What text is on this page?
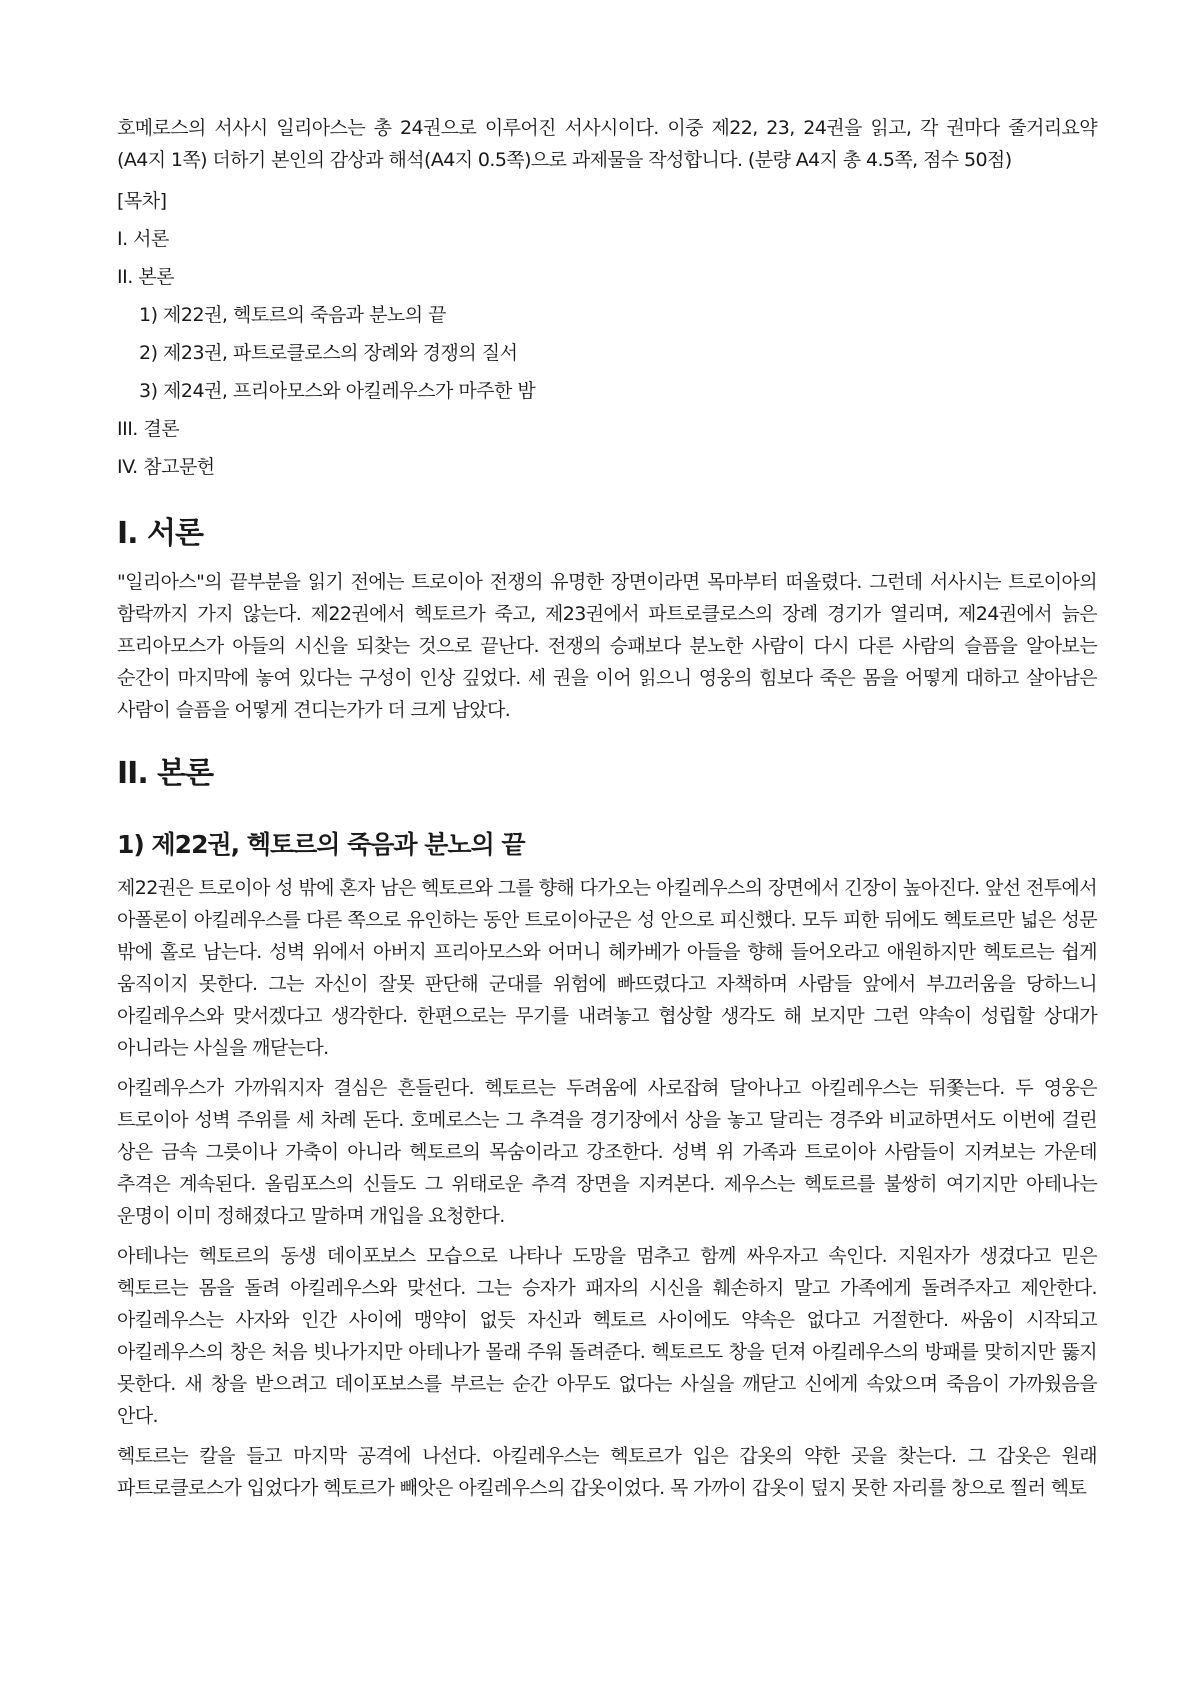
호메로스의 서사시 일리아스는 총 24권으로 이루어진 서사시이다. 이중 제22, 23, 24권을 읽고, 각 권마다 줄거리요약 (A4지 1쪽) 더하기 본인의 감상과 해석(A4지 0.5쪽)으로 과제물을 작성합니다. (분량 A4지 총 4.5쪽, 점수 50점)

[목차]

I. 서론

II. 본론

1) 제22권, 헥토르의 죽음과 분노의 끝

2) 제23권, 파트로클로스의 장례와 경쟁의 질서

3) 제24권, 프리아모스와 아킬레우스가 마주한 밤

III. 결론

IV. 참고문헌

I. 서론

"일리아스"의 끝부분을 읽기 전에는 트로이아 전쟁의 유명한 장면이라면 목마부터 떠올렸다. 그런데 서사시는 트로이아의 함락까지 가지 않는다. 제22권에서 헥토르가 죽고, 제23권에서 파트로클로스의 장례 경기가 열리며, 제24권에서 늙은 프리아모스가 아들의 시신을 되찾는 것으로 끝난다. 전쟁의 승패보다 분노한 사람이 다시 다른 사람의 슬픔을 알아보는 순간이 마지막에 놓여 있다는 구성이 인상 깊었다. 세 권을 이어 읽으니 영웅의 힘보다 죽은 몸을 어떻게 대하고 살아남은 사람이 슬픔을 어떻게 견디는가가 더 크게 남았다.

II. 본론
1) 제22권, 헥토르의 죽음과 분노의 끝

제22권은 트로이아 성 밖에 혼자 남은 헥토르와 그를 향해 다가오는 아킬레우스의 장면에서 긴장이 높아진다. 앞선 전투에서 아폴론이 아킬레우스를 다른 쪽으로 유인하는 동안 트로이아군은 성 안으로 피신했다. 모두 피한 뒤에도 헥토르만 넓은 성문 밖에 홀로 남는다. 성벽 위에서 아버지 프리아모스와 어머니 헤카베가 아들을 향해 들어오라고 애원하지만 헥토르는 쉽게 움직이지 못한다. 그는 자신이 잘못 판단해 군대를 위험에 빠뜨렸다고 자책하며 사람들 앞에서 부끄러움을 당하느니 아킬레우스와 맞서겠다고 생각한다. 한편으로는 무기를 내려놓고 협상할 생각도 해 보지만 그런 약속이 성립할 상대가 아니라는 사실을 깨닫는다.

아킬레우스가 가까워지자 결심은 흔들린다. 헥토르는 두려움에 사로잡혀 달아나고 아킬레우스는 뒤쫓는다. 두 영웅은 트로이아 성벽 주위를 세 차례 돈다. 호메로스는 그 추격을 경기장에서 상을 놓고 달리는 경주와 비교하면서도 이번에 걸린 상은 금속 그릇이나 가축이 아니라 헥토르의 목숨이라고 강조한다. 성벽 위 가족과 트로이아 사람들이 지켜보는 가운데 추격은 계속된다. 올림포스의 신들도 그 위태로운 추격 장면을 지켜본다. 제우스는 헥토르를 불쌍히 여기지만 아테나는 운명이 이미 정해졌다고 말하며 개입을 요청한다.

아테나는 헥토르의 동생 데이포보스 모습으로 나타나 도망을 멈추고 함께 싸우자고 속인다. 지원자가 생겼다고 믿은 헥토르는 몸을 돌려 아킬레우스와 맞선다. 그는 승자가 패자의 시신을 훼손하지 말고 가족에게 돌려주자고 제안한다. 아킬레우스는 사자와 인간 사이에 맹약이 없듯 자신과 헥토르 사이에도 약속은 없다고 거절한다. 싸움이 시작되고 아킬레우스의 창은 처음 빗나가지만 아테나가 몰래 주워 돌려준다. 헥토르도 창을 던져 아킬레우스의 방패를 맞히지만 뚫지 못한다. 새 창을 받으려고 데이포보스를 부르는 순간 아무도 없다는 사실을 깨닫고 신에게 속았으며 죽음이 가까웠음을 안다.

헥토르는 칼을 들고 마지막 공격에 나선다. 아킬레우스는 헥토르가 입은 갑옷의 약한 곳을 찾는다. 그 갑옷은 원래 파트로클로스가 입었다가 헥토르가 빼앗은 아킬레우스의 갑옷이었다. 목 가까이 갑옷이 덮지 못한 자리를 창으로 찔러 헥토
